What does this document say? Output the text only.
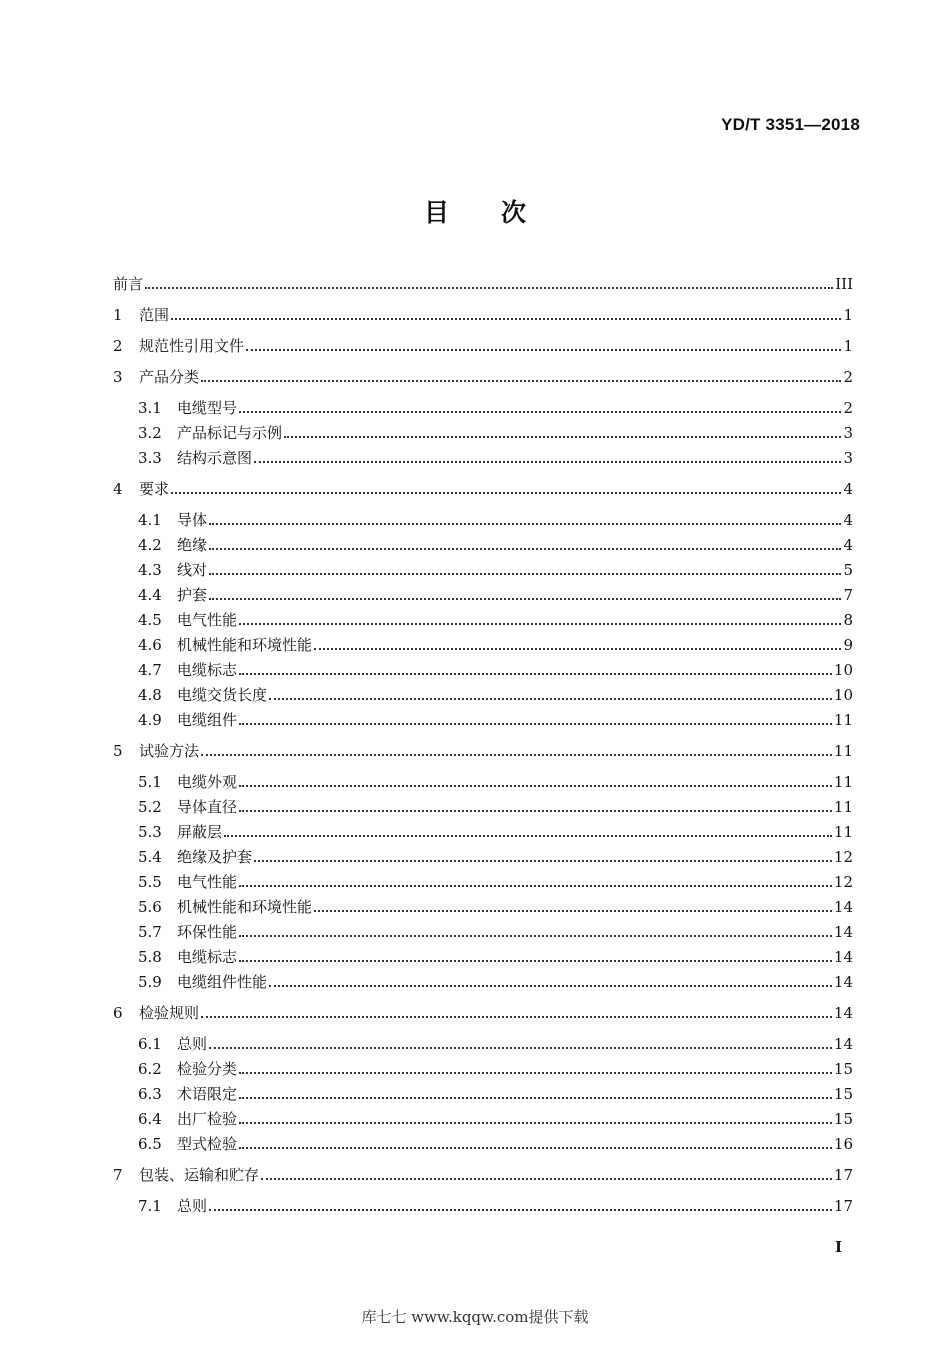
YD/T 3351—2018
目 次
前言	III
1	范围	1
2	规范性引用文件	1
3	产品分类	2
3.1	电缆型号	2
3.2	产品标记与示例	3
3.3	结构示意图	3
4	要求	4
4.1	导体	4
4.2	绝缘	4
4.3	线对	5
4.4	护套	7
4.5	电气性能	8
4.6	机械性能和环境性能	9
4.7	电缆标志	10
4.8	电缆交货长度	10
4.9	电缆组件	11
5	试验方法	11
5.1	电缆外观	11
5.2	导体直径	11
5.3	屏蔽层	11
5.4	绝缘及护套	12
5.5	电气性能	12
5.6	机械性能和环境性能	14
5.7	环保性能	14
5.8	电缆标志	14
5.9	电缆组件性能	14
6	检验规则	14
6.1	总则	14
6.2	检验分类	15
6.3	术语限定	15
6.4	出厂检验	15
6.5	型式检验	16
7	包装、运输和贮存	17
7.1	总则	17
I
库七七 www.kqqw.com提供下载
